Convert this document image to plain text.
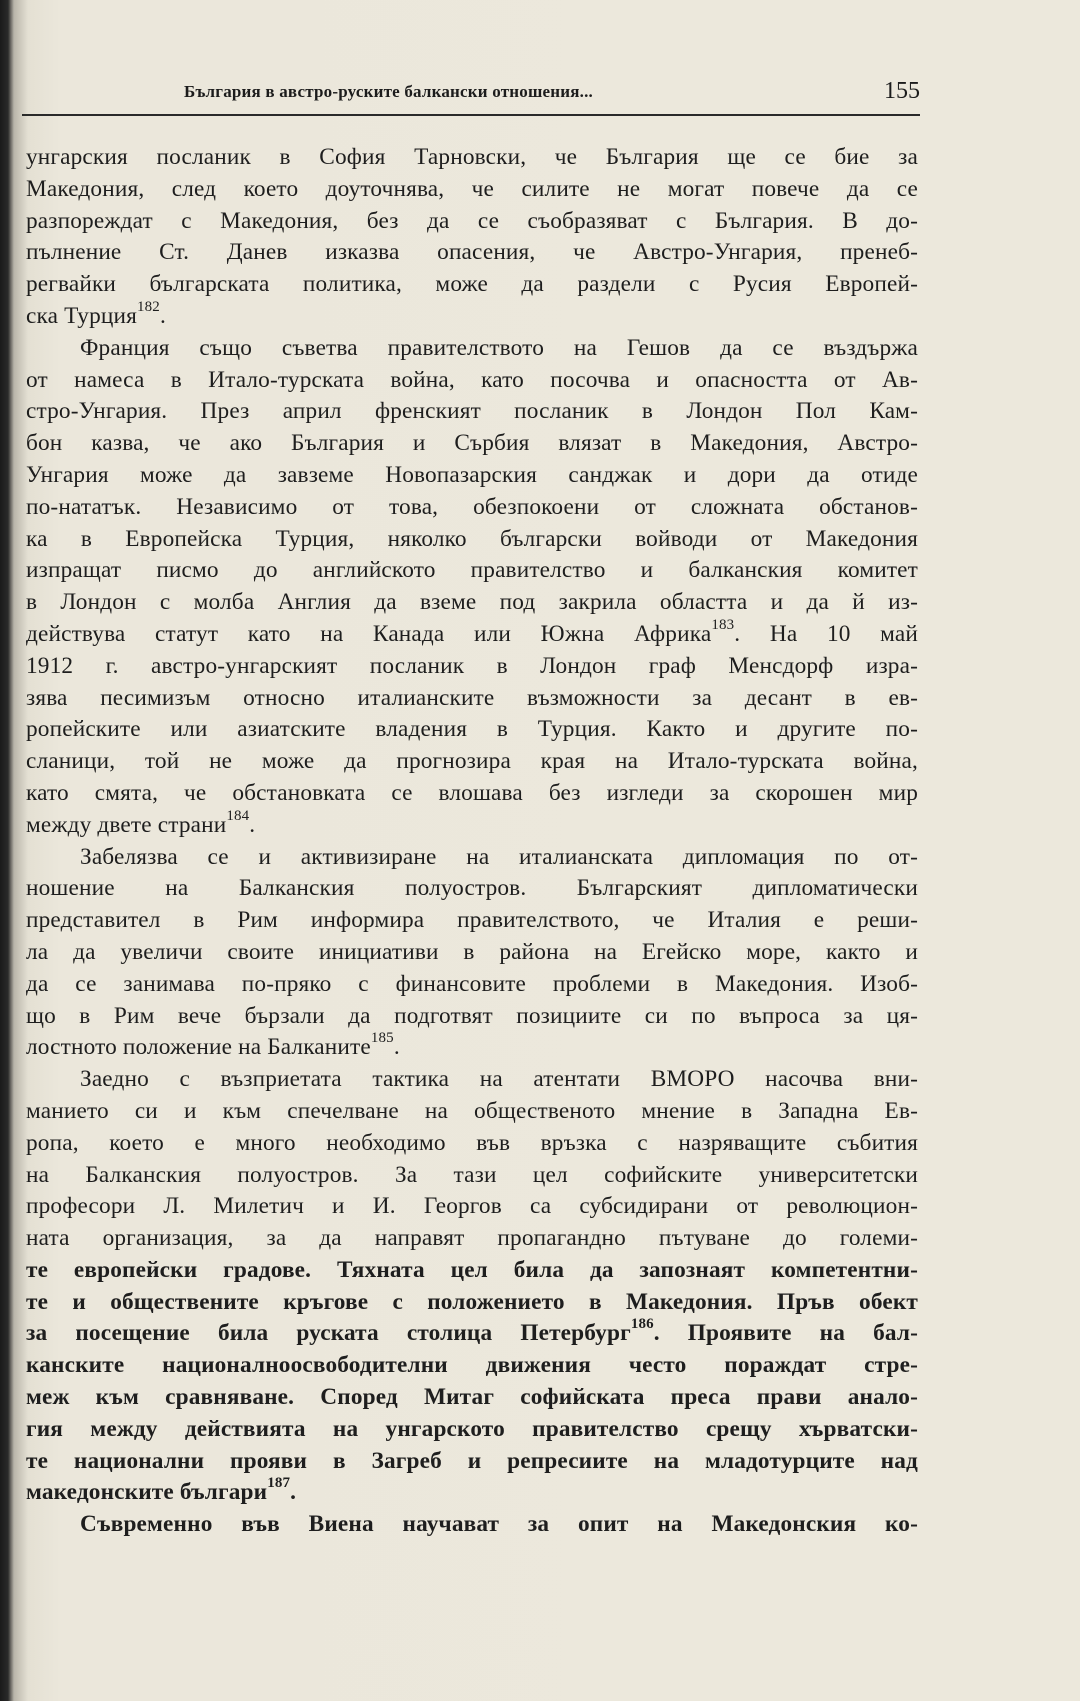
България в австро-руските балкански отношения...	155
унгарския посланик в София Тарновски, че България ще се бие за
Македония, след което доуточнява, че силите не могат повече да се
разпореждат с Македония, без да се съобразяват с България. В до-
пълнение Ст. Данев изказва опасения, че Австро-Унгария, пренеб-
регвайки българската политика, може да раздели с Русия Европей-
ска Турция$^{182}$.
Франция също съветва правителството на Гешов да се въздържа
от намеса в Итало-турската война, като посочва и опасността от Ав-
стро-Унгария. През април френският посланик в Лондон Пол Кам-
бон казва, че ако България и Сърбия влязат в Македония, Австро-
Унгария може да завземе Новопазарския санджак и дори да отиде
по-нататък. Независимо от това, обезпокоени от сложната обстанов-
ка в Европейска Турция, няколко български войводи от Македония
изпращат писмо до английското правителство и балканския комитет
в Лондон с молба Англия да вземе под закрила областта и да й из-
действува статут като на Канада или Южна Африка$^{183}$. На 10 май
1912 г. австро-унгарският посланик в Лондон граф Менсдорф изра-
зява песимизъм относно италианските възможности за десант в ев-
ропейските или азиатските владения в Турция. Както и другите по-
сланици, той не може да прогнозира края на Итало-турската война,
като смята, че обстановката се влошава без изгледи за скорошен мир
между двете страни$^{184}$.
Забелязва се и активизиране на италианската дипломация по от-
ношение на Балканския полуостров. Българският дипломатически
представител в Рим информира правителството, че Италия е реши-
ла да увеличи своите инициативи в района на Егейско море, както и
да се занимава по-пряко с финансовите проблеми в Македония. Изоб-
що в Рим вече бързали да подготвят позициите си по въпроса за ця-
лостното положение на Балканите$^{185}$.
Заедно с възприетата тактика на атентати ВМОРО насочва вни-
манието си и към спечелване на общественото мнение в Западна Ев-
ропа, което е много необходимо във връзка с назряващите събития
на Балканския полуостров. За тази цел софийските университетски
професори Л. Милетич и И. Георгов са субсидирани от революцион-
ната организация, за да направят пропагандно пътуване до големи-
те европейски градове. Тяхната цел била да запознаят компетентни-
те и обществените кръгове с положението в Македония. Пръв обект
за посещение била руската столица Петербург$^{186}$. Проявите на бал-
канските националноосвободителни движения често пораждат стре-
меж към сравняване. Според Митаг софийската преса прави анало-
гия между действията на унгарското правителство срещу хърватски-
те национални прояви в Загреб и репресиите на младотурците над
македонските българи$^{187}$.
Съвременно във Виена научават за опит на Македонския ко-
